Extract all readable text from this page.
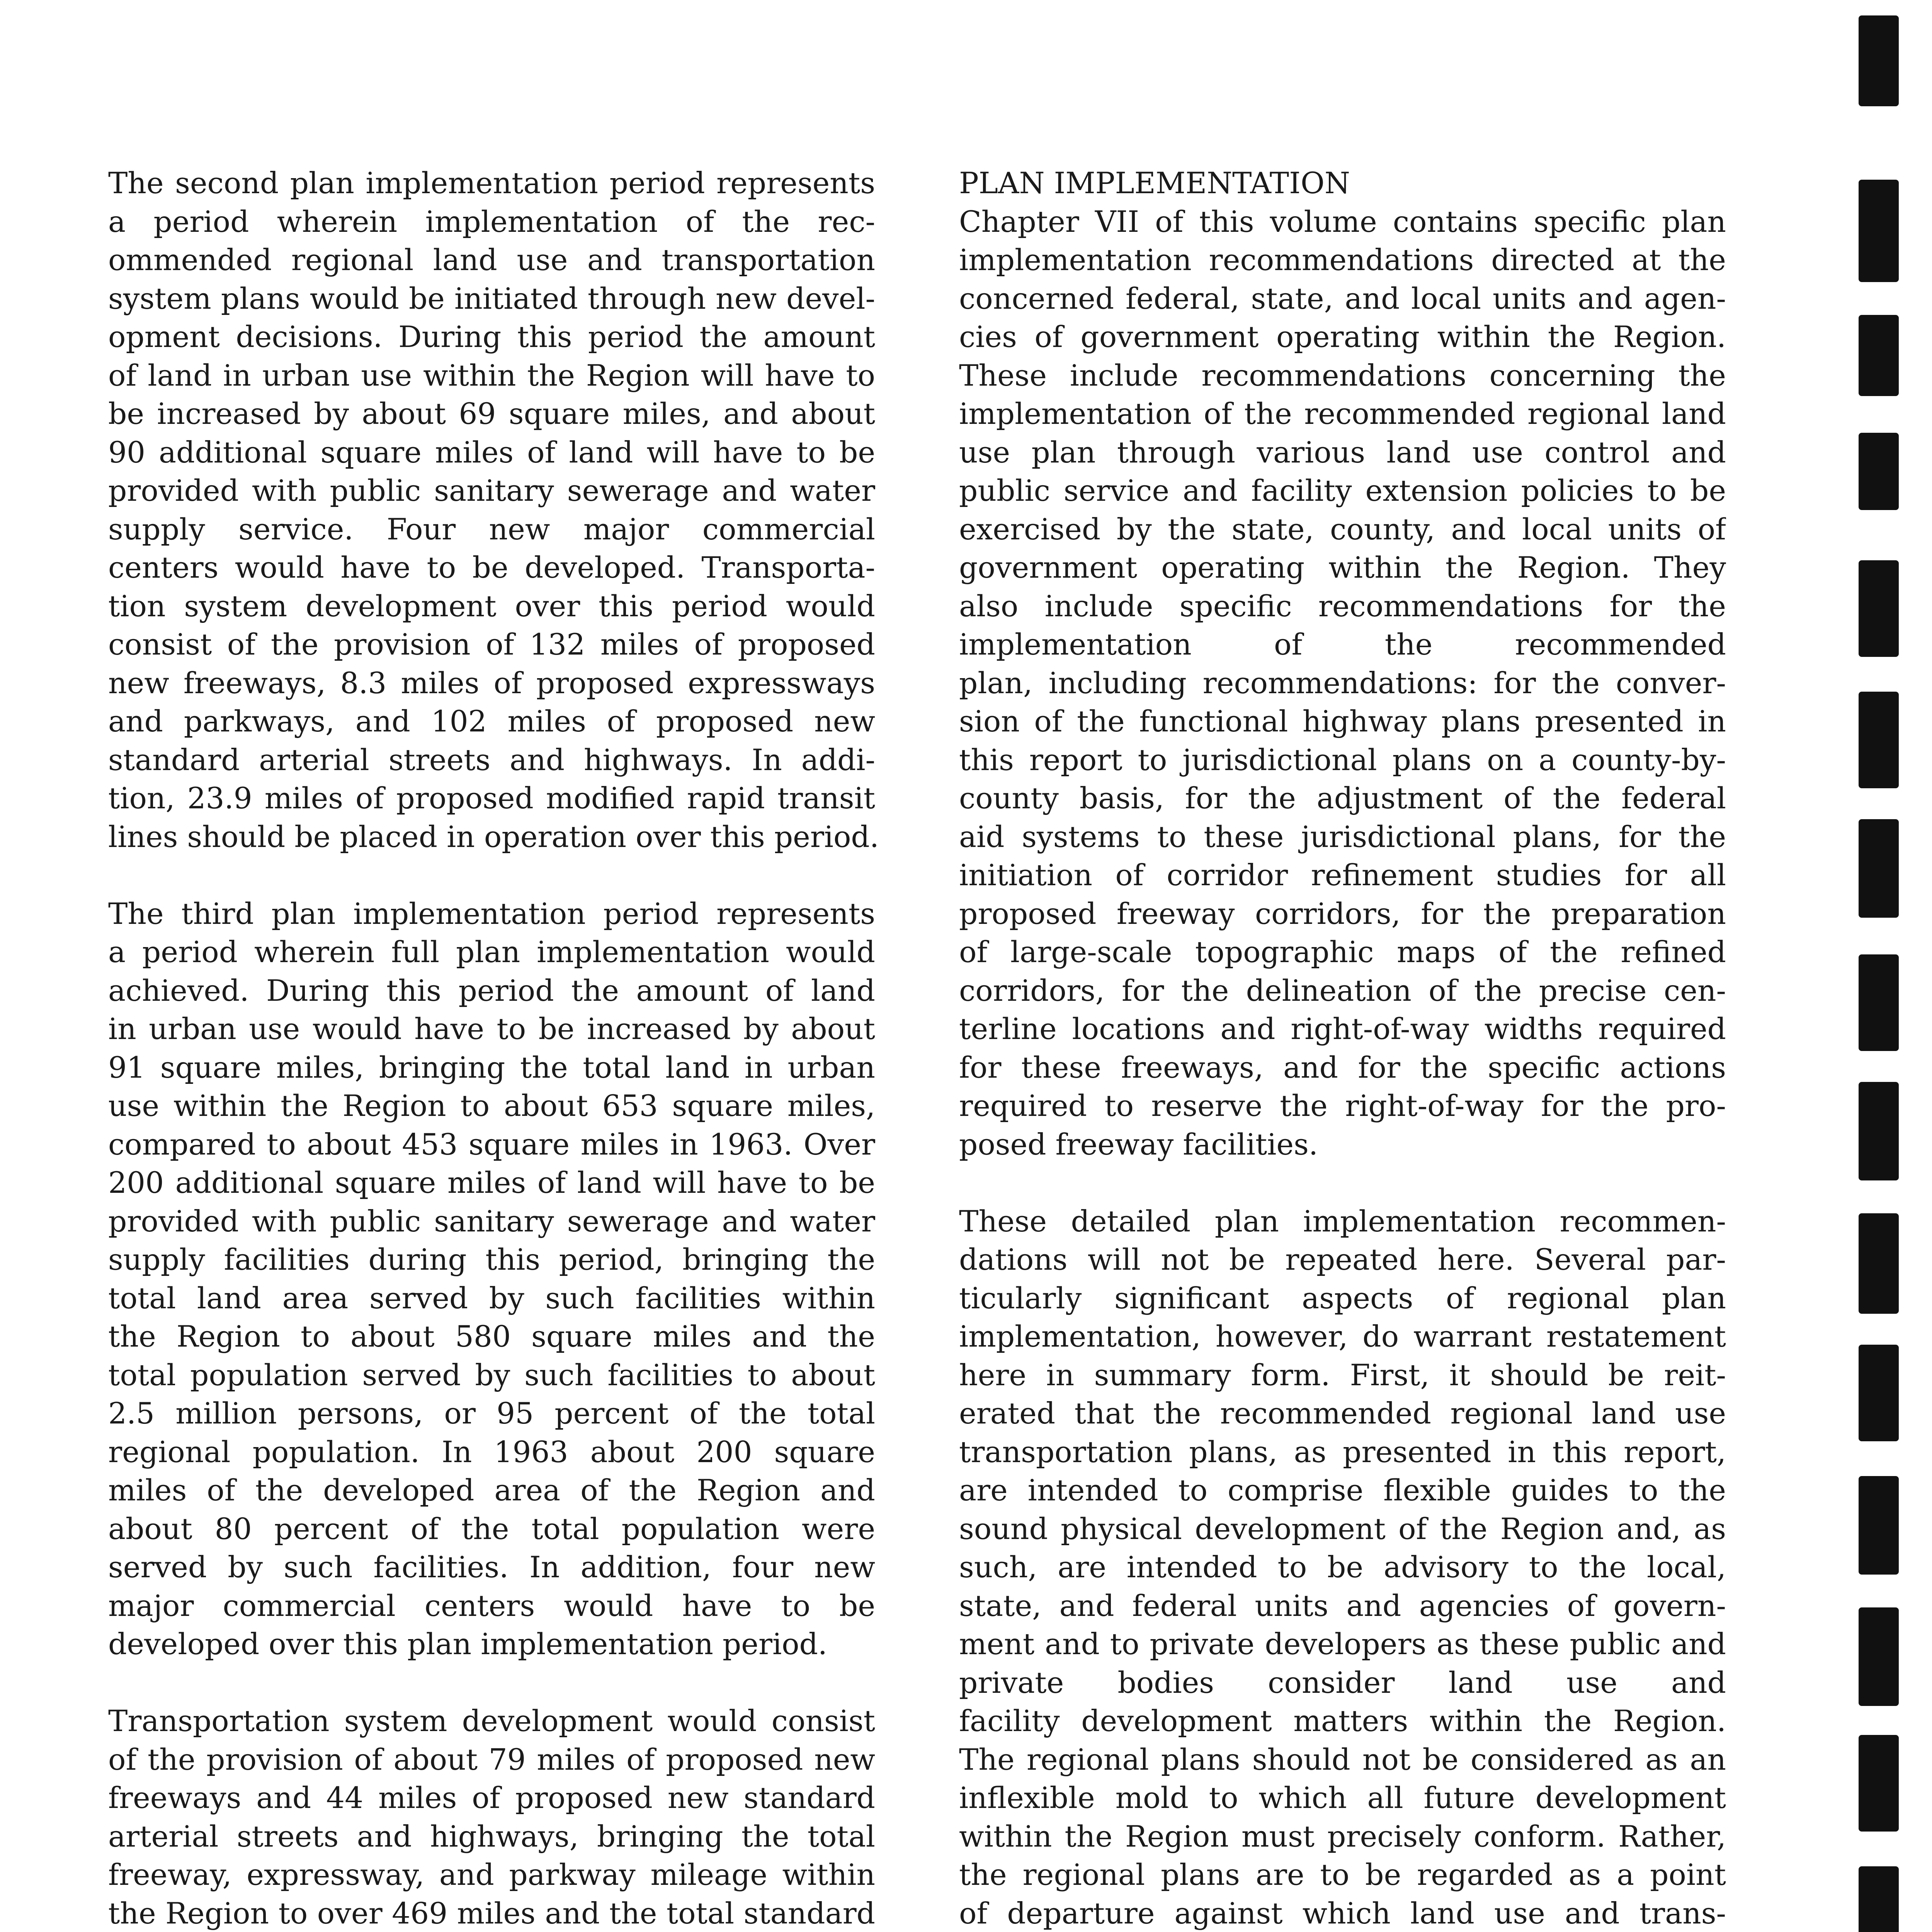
The second plan implementation period represents
a period wherein implementation of the rec-
ommended regional land use and transportation
system plans would be initiated through new devel-
opment decisions. During this period the amount
of land in urban use within the Region will have to
be increased by about 69 square miles, and about
90 additional square miles of land will have to be
provided with public sanitary sewerage and water
supply service. Four new major commercial
centers would have to be developed. Transporta-
tion system development over this period would
consist of the provision of 132 miles of proposed
new freeways, 8.3 miles of proposed expressways
and parkways, and 102 miles of proposed new
standard arterial streets and highways. In addi-
tion, 23.9 miles of proposed modified rapid transit
lines should be placed in operation over this period.
The third plan implementation period represents
a period wherein full plan implementation would
achieved. During this period the amount of land
in urban use would have to be increased by about
91 square miles, bringing the total land in urban
use within the Region to about 653 square miles,
compared to about 453 square miles in 1963. Over
200 additional square miles of land will have to be
provided with public sanitary sewerage and water
supply facilities during this period, bringing the
total land area served by such facilities within
the Region to about 580 square miles and the
total population served by such facilities to about
2.5 million persons, or 95 percent of the total
regional population. In 1963 about 200 square
miles of the developed area of the Region and
about 80 percent of the total population were
served by such facilities. In addition, four new
major commercial centers would have to be
developed over this plan implementation period.
Transportation system development would consist
of the provision of about 79 miles of proposed new
freeways and 44 miles of proposed new standard
arterial streets and highways, bringing the total
freeway, expressway, and parkway mileage within
the Region to over 469 miles and the total standard
PLAN IMPLEMENTATION
Chapter VII of this volume contains specific plan
implementation recommendations directed at the
concerned federal, state, and local units and agen-
cies of government operating within the Region.
These include recommendations concerning the
implementation of the recommended regional land
use plan through various land use control and
public service and facility extension policies to be
exercised by the state, county, and local units of
government operating within the Region. They
also include specific recommendations for the
implementation of the recommended
plan, including recommendations: for the conver-
sion of the functional highway plans presented in
this report to jurisdictional plans on a county-by-
county basis, for the adjustment of the federal
aid systems to these jurisdictional plans, for the
initiation of corridor refinement studies for all
proposed freeway corridors, for the preparation
of large-scale topographic maps of the refined
corridors, for the delineation of the precise cen-
terline locations and right-of-way widths required
for these freeways, and for the specific actions
required to reserve the right-of-way for the pro-
posed freeway facilities.
These detailed plan implementation recommen-
dations will not be repeated here. Several par-
ticularly significant aspects of regional plan
implementation, however, do warrant restatement
here in summary form. First, it should be reit-
erated that the recommended regional land use
transportation plans, as presented in this report,
are intended to comprise flexible guides to the
sound physical development of the Region and, as
such, are intended to be advisory to the local,
state, and federal units and agencies of govern-
ment and to private developers as these public and
private bodies consider land use and
facility development matters within the Region.
The regional plans should not be considered as an
inflexible mold to which all future development
within the Region must precisely conform. Rather,
the regional plans are to be regarded as a point
of departure against which land use and trans-
